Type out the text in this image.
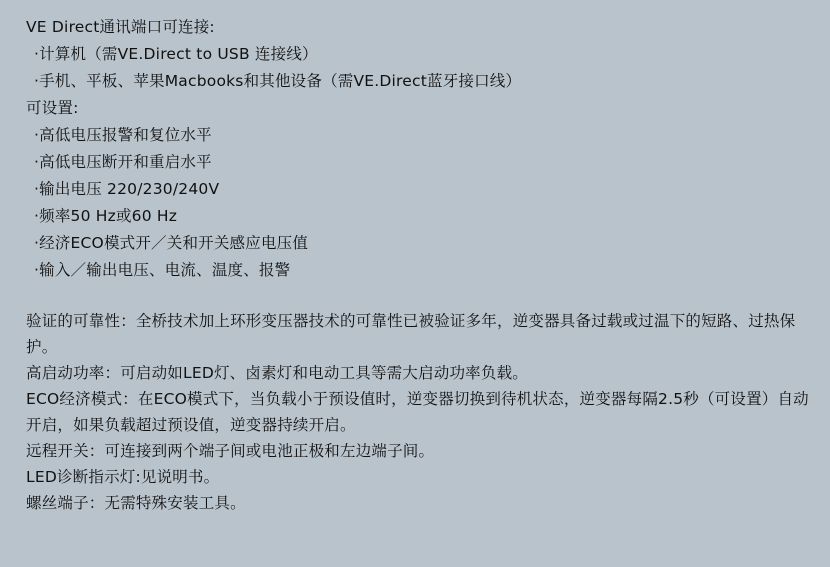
VE Direct通讯端口可连接:
·计算机（需VE.Direct to USB 连接线）
·手机、平板、苹果Macbooks和其他设备（需VE.Direct蓝牙接口线）
可设置:
·高低电压报警和复位水平
·高低电压断开和重启水平
·输出电压 220/230/240V
·频率50 Hz或60 Hz
·经济ECO模式开／关和开关感应电压值
·输入／输出电压、电流、温度、报警
验证的可靠性：全桥技术加上环形变压器技术的可靠性已被验证多年，逆变器具备过载或过温下的短路、过热保护。
高启动功率：可启动如LED灯、卤素灯和电动工具等需大启动功率负载。
ECO经济模式：在ECO模式下，当负载小于预设值时，逆变器切换到待机状态，逆变器每隔2.5秒（可设置）自动开启，如果负载超过预设值，逆变器持续开启。
远程开关：可连接到两个端子间或电池正极和左边端子间。
LED诊断指示灯:见说明书。
螺丝端子：无需特殊安装工具。
